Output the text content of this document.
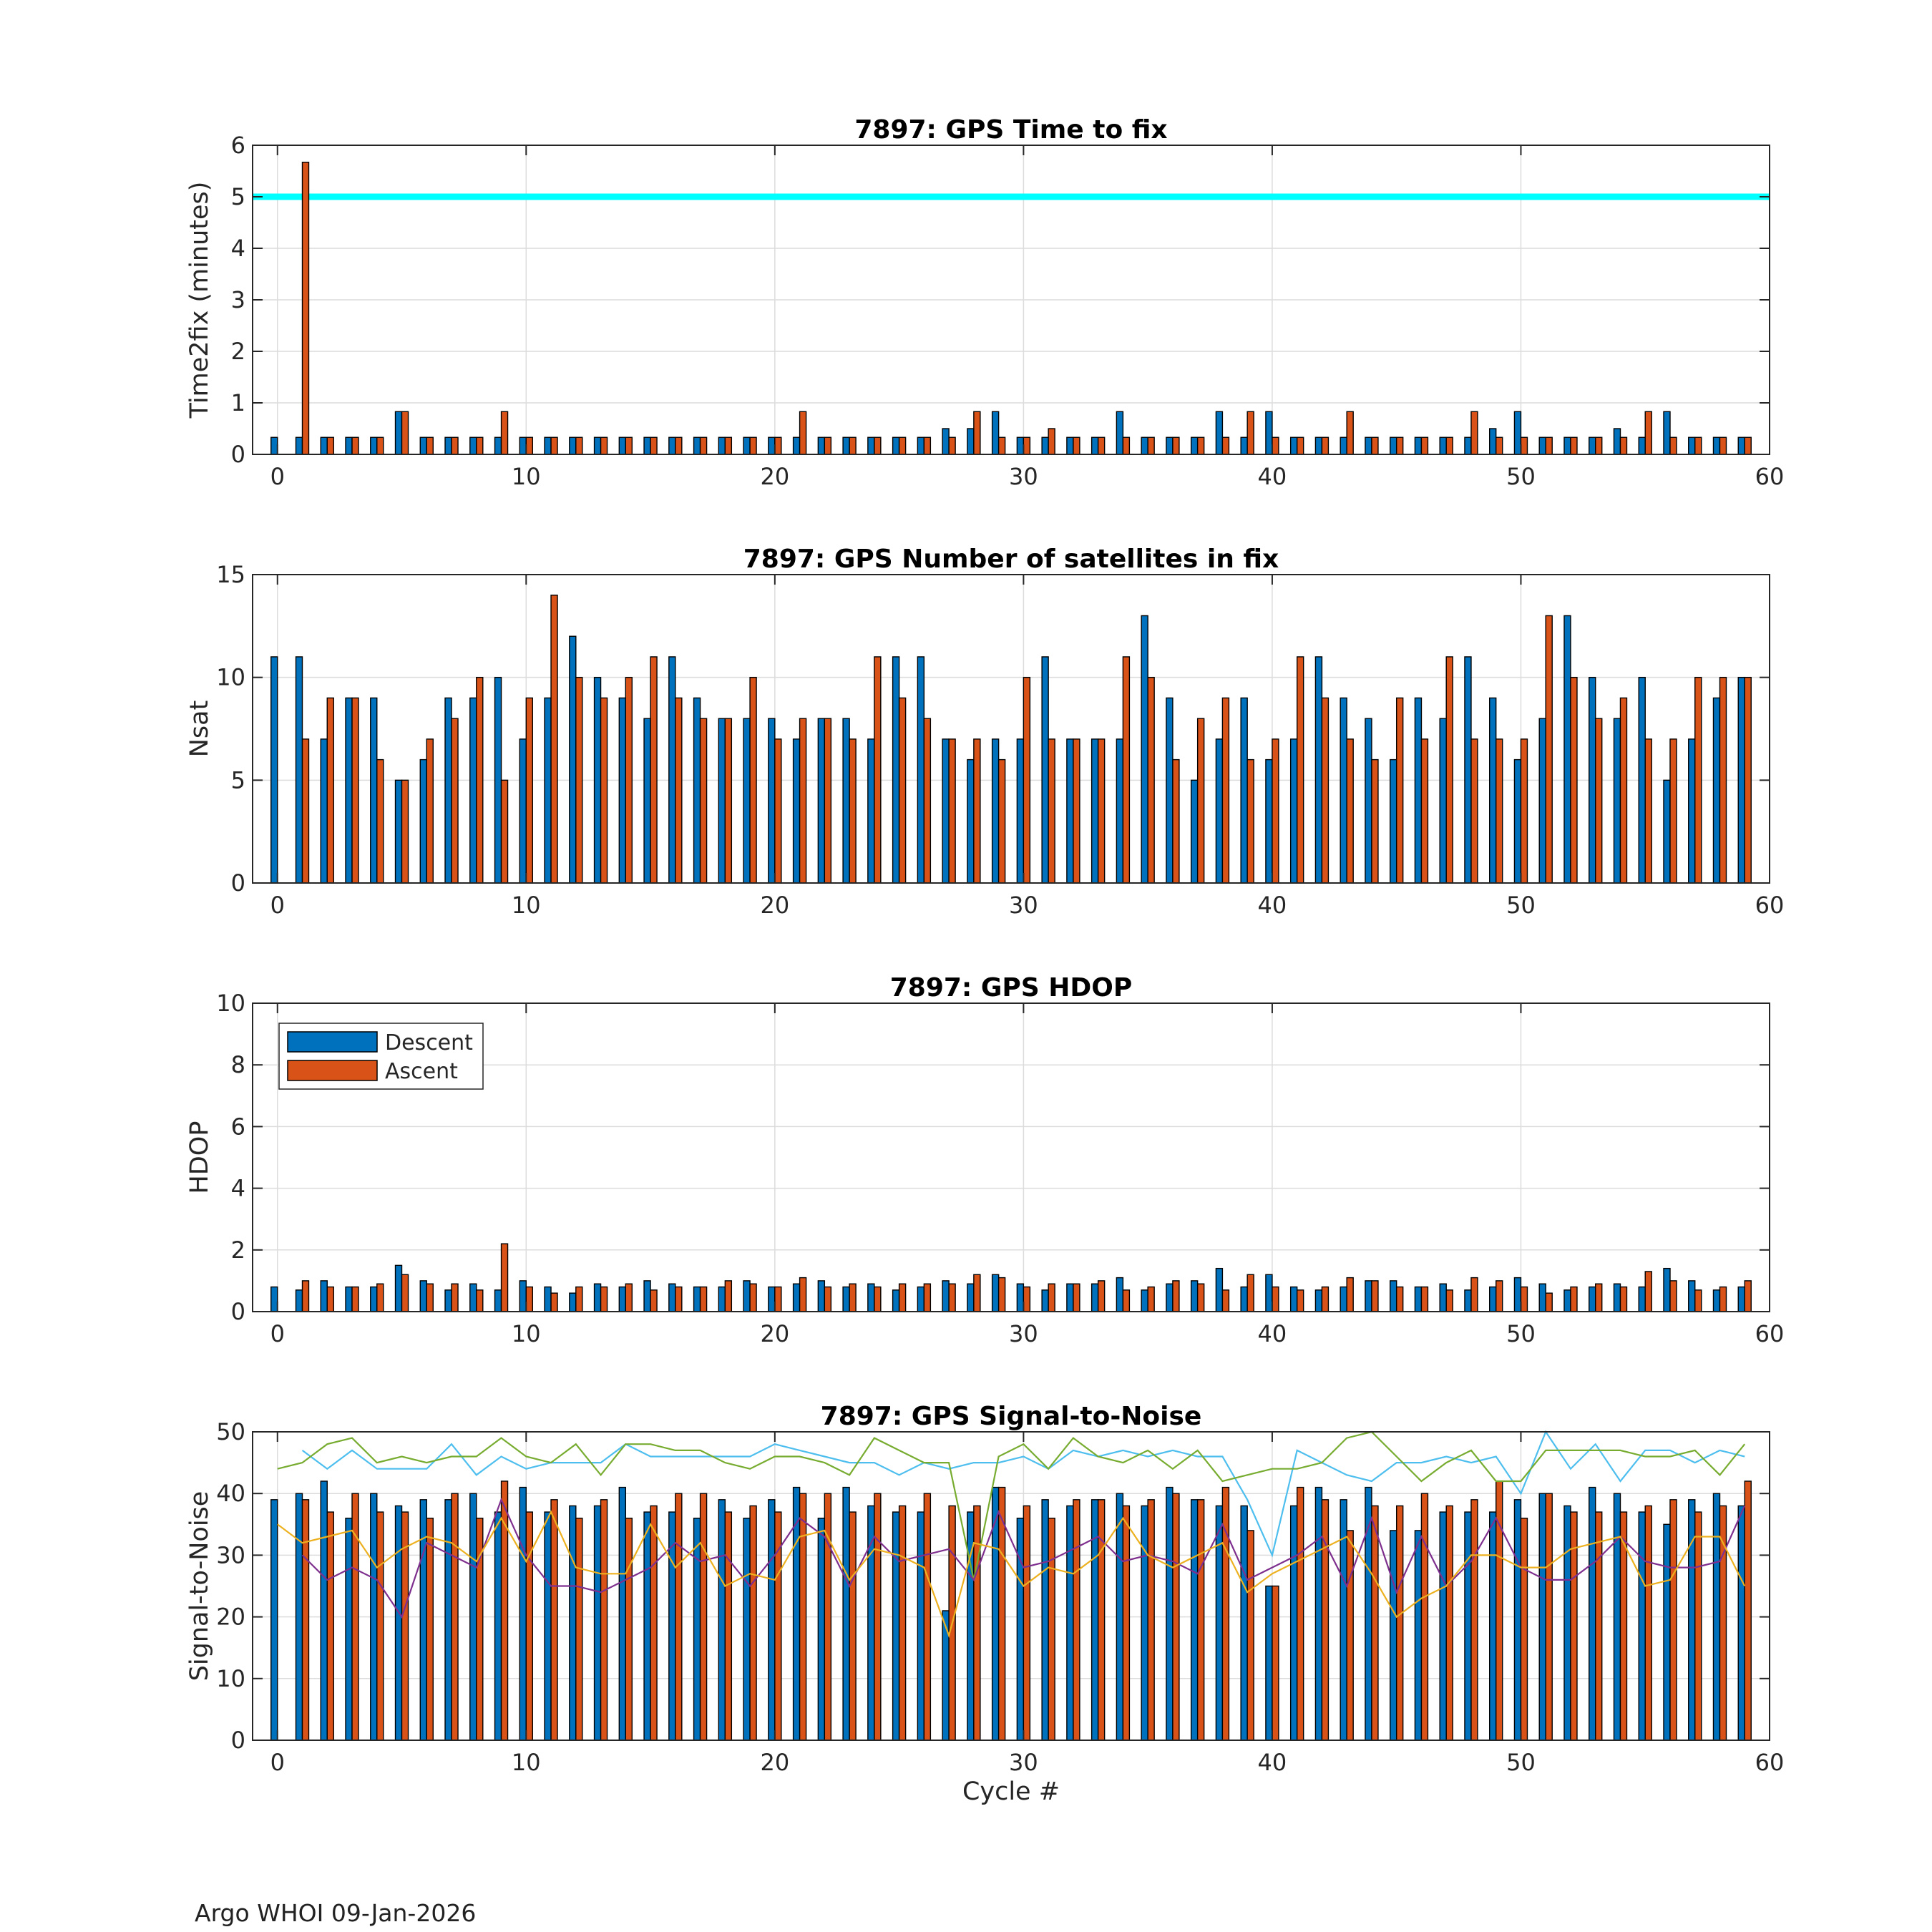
0	10	20	30	40	50	60
0
1
2
3
4
5
6
7897: GPS Time to fix
Time2fix (minutes)
0	10	20	30	40	50	60
0
5
10
15
7897: GPS Number of satellites in fix
Nsat
0	10	20	30	40	50	60
0
2
4
6
8
10
7897: GPS HDOP
HDOP
Descent
Ascent
0	10	20	30	40	50	60
0
10
20
30
40
50
7897: GPS Signal-to-Noise
Signal-to-Noise
Cycle #
Argo WHOI 09-Jan-2026
